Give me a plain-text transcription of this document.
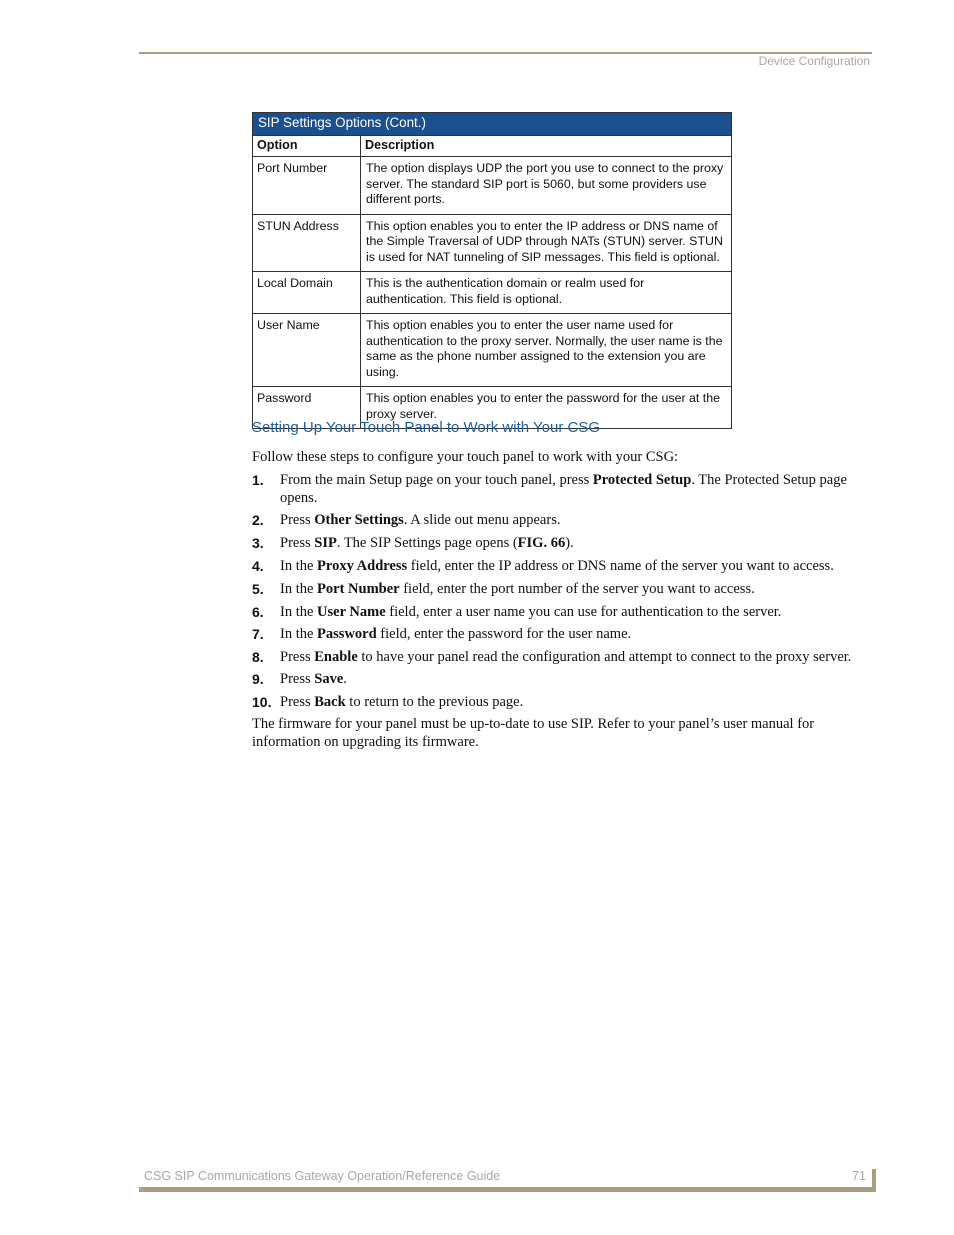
Device Configuration
SIP Settings Options (Cont.)	
Option	Description
Port Number	The option displays UDP the port you use to connect to the proxy server. The standard SIP port is 5060, but some providers use different ports.
STUN Address	This option enables you to enter the IP address or DNS name of the Simple Traversal of UDP through NATs (STUN) server. STUN is used for NAT tunneling of SIP messages. This field is optional.
Local Domain	This is the authentication domain or realm used for authentication. This field is optional.
User Name	This option enables you to enter the user name used for authentication to the proxy server. Normally, the user name is the same as the phone number assigned to the extension you are using.
Password	This option enables you to enter the password for the user at the proxy server.
Setting Up Your Touch Panel to Work with Your CSG
Follow these steps to configure your touch panel to work with your CSG:
1. From the main Setup page on your touch panel, press Protected Setup. The Protected Setup page opens.
2. Press Other Settings. A slide out menu appears.
3. Press SIP. The SIP Settings page opens (FIG. 66).
4. In the Proxy Address field, enter the IP address or DNS name of the server you want to access.
5. In the Port Number field, enter the port number of the server you want to access.
6. In the User Name field, enter a user name you can use for authentication to the server.
7. In the Password field, enter the password for the user name.
8. Press Enable to have your panel read the configuration and attempt to connect to the proxy server.
9. Press Save.
10. Press Back to return to the previous page.
The firmware for your panel must be up-to-date to use SIP. Refer to your panel’s user manual for information on upgrading its firmware.
CSG SIP Communications Gateway Operation/Reference Guide	71
